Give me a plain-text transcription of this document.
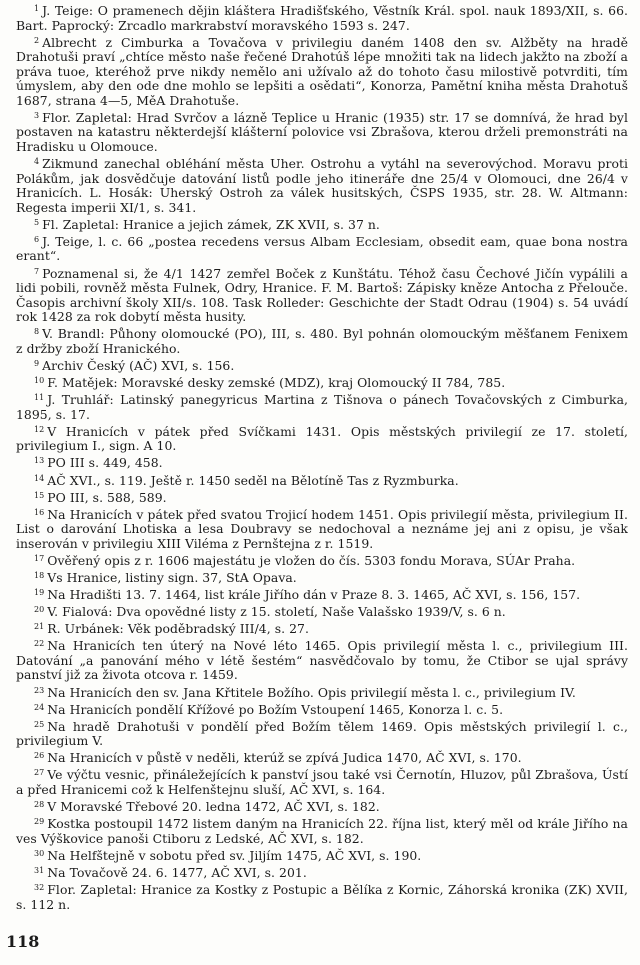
$^1$ J. Teige: O pramenech dějin kláštera Hradišťského, Věstník Král. spol. nauk 1893/XII, s. 66. Bart. Paprocký: Zrcadlo markrabství moravského 1593 s. 247.

$^2$ Albrecht z Cimburka a Tovačova v privilegiu daném 1408 den sv. Alžběty na hradě Drahotuši praví „chtíce město naše řečené Drahotúš lépe množiti tak na lidech jakžto na zboží a práva tuoe, kteréhož prve nikdy nemělo ani užívalo až do tohoto času milostivě potvrditi, tím úmyslem, aby den ode dne mohlo se lepšiti a osědati“, Konorza, Pamětní kniha města Drahotuš 1687, strana 4—5, MěA Drahotuše.

$^3$ Flor. Zapletal: Hrad Svrčov a lázně Teplice u Hranic (1935) str. 17 se domnívá, že hrad byl postaven na katastru některdejší klášterní polovice vsi Zbrašova, kterou drželi premonstráti na Hradisku u Olomouce.

$^4$ Zikmund zanechal obléhání města Uher. Ostrohu a vytáhl na severovýchod. Moravu proti Polákům, jak dosvědčuje datování listů podle jeho itineráře dne 25/4 v Olomouci, dne 26/4 v Hranicích. L. Hosák: Uherský Ostroh za válek husitských, ČSPS 1935, str. 28. W. Altmann: Regesta imperii XI/1, s. 341.

$^5$ Fl. Zapletal: Hranice a jejich zámek, ZK XVII, s. 37 n.

$^6$ J. Teige, l. c. 66 „postea recedens versus Albam Ecclesiam, obsedit eam, quae bona nostra erant“.

$^7$ Poznamenal si, že 4/1 1427 zemřel Boček z Kunštátu. Téhož času Čechové Jičín vypálili a lidi pobili, rovněž města Fulnek, Odry, Hranice. F. M. Bartoš: Zápisky kněze Antocha z Přelouče. Časopis archivní školy XII/s. 108. Task Rolleder: Geschichte der Stadt Odrau (1904) s. 54 uvádí rok 1428 za rok dobytí města husity.

$^8$ V. Brandl: Půhony olomoucké (PO), III, s. 480. Byl pohnán olomouckým měšťanem Fenixem z držby zboží Hranického.

$^9$ Archiv Český (AČ) XVI, s. 156.

$^{10}$ F. Matějek: Moravské desky zemské (MDZ), kraj Olomoucký II 784, 785.

$^{11}$ J. Truhlář: Latinský panegyricus Martina z Tišnova o pánech Tovačovských z Cimburka, 1895, s. 17.

$^{12}$ V Hranicích v pátek před Svíčkami 1431. Opis městských privilegií ze 17. století, privilegium I., sign. A 10.

$^{13}$ PO III s. 449, 458.

$^{14}$ AČ XVI., s. 119. Ještě r. 1450 seděl na Bělotíně Tas z Ryzmburka.

$^{15}$ PO III, s. 588, 589.

$^{16}$ Na Hranicích v pátek před svatou Trojicí hodem 1451. Opis privilegií města, privilegium II. List o darování Lhotiska a lesa Doubravy se nedochoval a neznáme jej ani z opisu, je však inserován v privilegiu XIII Viléma z Pernštejna z r. 1519.

$^{17}$ Ověřený opis z r. 1606 majestátu je vložen do čís. 5303 fondu Morava, SÚAr Praha.

$^{18}$ Vs Hranice, listiny sign. 37, StA Opava.

$^{19}$ Na Hradišti 13. 7. 1464, list krále Jiřího dán v Praze 8. 3. 1465, AČ XVI, s. 156, 157.

$^{20}$ V. Fialová: Dva opovědné listy z 15. století, Naše Valašsko 1939/V, s. 6 n.

$^{21}$ R. Urbánek: Věk poděbradský III/4, s. 27.

$^{22}$ Na Hranicích ten úterý na Nové léto 1465. Opis privilegií města l. c., privilegium III. Datování „a panování mého v létě šestém“ nasvědčovalo by tomu, že Ctibor se ujal správy panství již za života otcova r. 1459.

$^{23}$ Na Hranicích den sv. Jana Křtitele Božího. Opis privilegií města l. c., privilegium IV.

$^{24}$ Na Hranicích pondělí Křížové po Božím Vstoupení 1465, Konorza l. c. 5.

$^{25}$ Na hradě Drahotuši v pondělí před Božím tělem 1469. Opis městských privilegií l. c., privilegium V.

$^{26}$ Na Hranicích v půstě v neděli, kterúž se zpívá Judica 1470, AČ XVI, s. 170.

$^{27}$ Ve výčtu vesnic, přináležejících k panství jsou také vsi Černotín, Hluzov, půl Zbrašova, Ústí a před Hranicemi což k Helfenštejnu sluší, AČ XVI, s. 164.

$^{28}$ V Moravské Třebové 20. ledna 1472, AČ XVI, s. 182.

$^{29}$ Kostka postoupil 1472 listem daným na Hranicích 22. října list, který měl od krále Jiřího na ves Výškovice panoši Ctiboru z Ledské, AČ XVI, s. 182.

$^{30}$ Na Helfštejně v sobotu před sv. Jiljím 1475, AČ XVI, s. 190.

$^{31}$ Na Tovačově 24. 6. 1477, AČ XVI, s. 201.

$^{32}$ Flor. Zapletal: Hranice za Kostky z Postupic a Bělíka z Kornic, Záhorská kronika (ZK) XVII, s. 112 n.

118
